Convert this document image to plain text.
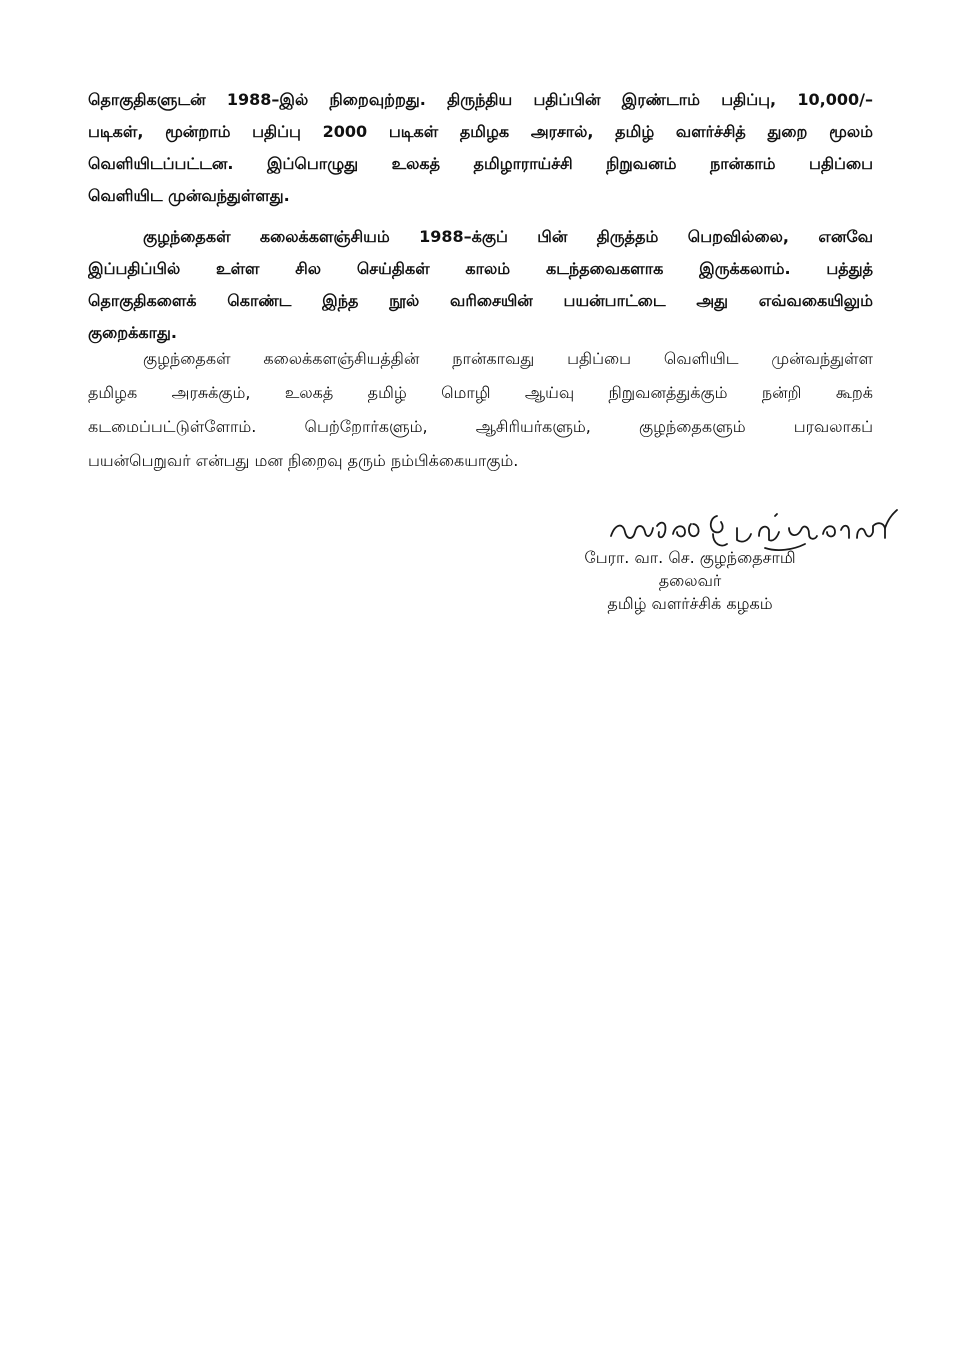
தொகுதிகளுடன் 1988–இல் நிறைவுற்றது. திருந்திய பதிப்பின் இரண்டாம் பதிப்பு, 10,000/–
படிகள், மூன்றாம் பதிப்பு 2000 படிகள் தமிழக அரசால், தமிழ் வளர்ச்சித் துறை மூலம்
வெளியிடப்பட்டன. இப்பொழுது உலகத் தமிழாராய்ச்சி நிறுவனம் நான்காம் பதிப்பை
வெளியிட முன்வந்துள்ளது.
குழந்தைகள் கலைக்களஞ்சியம் 1988–க்குப் பின் திருத்தம் பெறவில்லை, எனவே
இப்பதிப்பில் உள்ள சில செய்திகள் காலம் கடந்தவைகளாக இருக்கலாம். பத்துத்
தொகுதிகளைக் கொண்ட இந்த நூல் வரிசையின் பயன்பாட்டை அது எவ்வகையிலும்
குறைக்காது.
குழந்தைகள் கலைக்களஞ்சியத்தின் நான்காவது பதிப்பை வெளியிட முன்வந்துள்ள
தமிழக அரசுக்கும், உலகத் தமிழ் மொழி ஆய்வு நிறுவனத்துக்கும் நன்றி கூறக்
கடமைப்பட்டுள்ளோம். பெற்றோர்களும், ஆசிரியர்களும், குழந்தைகளும் பரவலாகப்
பயன்பெறுவர் என்பது மன நிறைவு தரும் நம்பிக்கையாகும்.
பேரா. வா. செ. குழந்தைசாமி
தலைவர்
தமிழ் வளர்ச்சிக் கழகம்
